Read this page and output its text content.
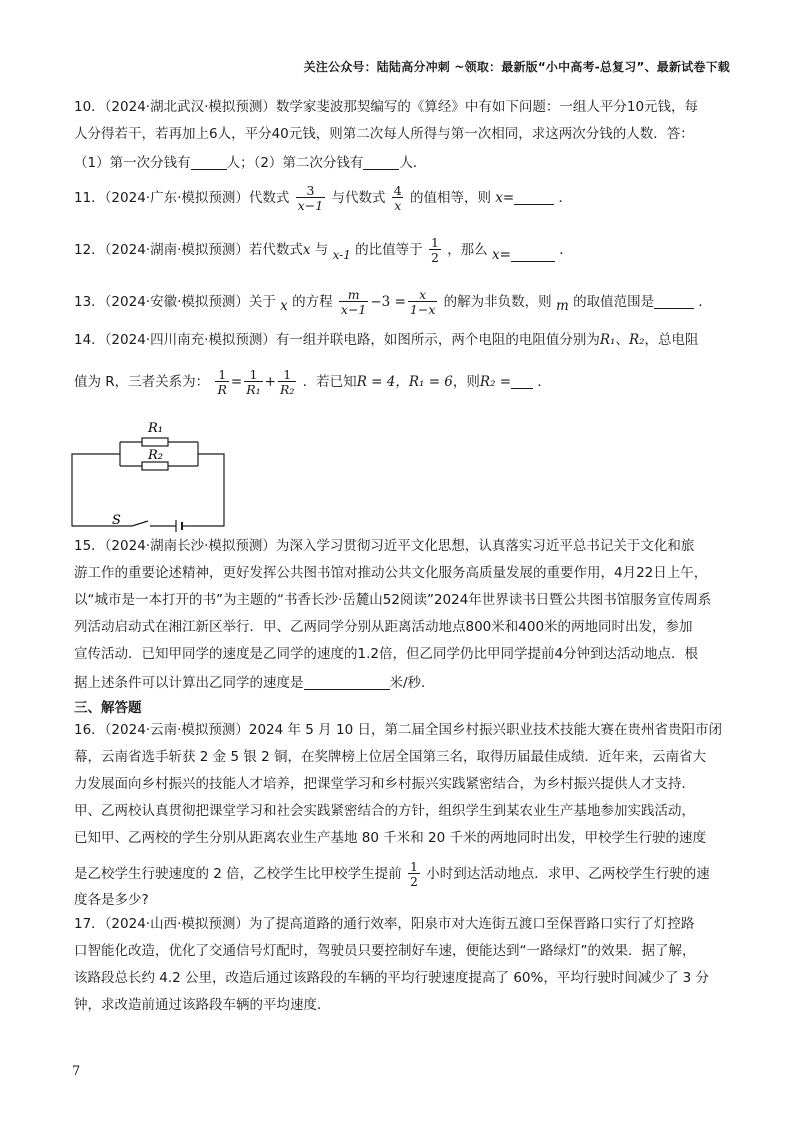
关注公众号：陆陆高分冲刺 ~领取：最新版“小中高考-总复习”、最新试卷下载
10．（2024·湖北武汉·模拟预测）数学家斐波那契编写的《算经》中有如下问题：一组人平分10元钱，每
人分得若干，若再加上6人，平分40元钱，则第二次每人所得与第一次相同，求这两次分钱的人数．答：
（1）第一次分钱有	人；（2）第二次分钱有	人．
11．（2024·广东·模拟预测）代数式 $\frac{3}{x-1}$ 与代数式 $\frac{4}{x}$ 的值相等，则 x=	．
12．（2024·湖南·模拟预测）若代数式x 与 x-1 的比值等于 $\frac{1}{2}$ ，那么 x=	．
13．（2024·安徽·模拟预测）关于 x 的方程 $\frac{m}{x-1} -3 = \frac{x}{1-x}$ 的解为非负数，则 m 的取值范围是	．
14．（2024·四川南充·模拟预测）有一组并联电路，如图所示，两个电阻的电阻值分别为R₁、R₂，总电阻
值为 R，三者关系为： $\frac{1}{R} = \frac{1}{\text{R₁}} + \frac{1}{\text{R₂}}$ ．若已知R = 4，R₁ = 6，则R₂ = ．
R₁
R₂
S
15．（2024·湖南长沙·模拟预测）为深入学习贯彻习近平文化思想，认真落实习近平总书记关于文化和旅
游工作的重要论述精神，更好发挥公共图书馆对推动公共文化服务高质量发展的重要作用，4月22日上午，
以“城市是一本打开的书”为主题的“书香长沙·岳麓山52阅读”2024年世界读书日暨公共图书馆服务宣传周系
列活动启动式在湘江新区举行．甲、乙两同学分别从距离活动地点800米和400米的两地同时出发，参加
宣传活动．已知甲同学的速度是乙同学的速度的1.2倍，但乙同学仍比甲同学提前4分钟到达活动地点．根
据上述条件可以计算出乙同学的速度是	米/秒．
三、解答题
16．（2024·云南·模拟预测）2024 年 5 月 10 日，第二届全国乡村振兴职业技术技能大赛在贵州省贵阳市闭
幕，云南省选手斩获 2 金 5 银 2 铜，在奖牌榜上位居全国第三名，取得历届最佳成绩．近年来，云南省大
力发展面向乡村振兴的技能人才培养，把课堂学习和乡村振兴实践紧密结合，为乡村振兴提供人才支持．
甲、乙两校认真贯彻把课堂学习和社会实践紧密结合的方针，组织学生到某农业生产基地参加实践活动，
已知甲、乙两校的学生分别从距离农业生产基地 80 千米和 20 千米的两地同时出发，甲校学生行驶的速度
是乙校学生行驶速度的 2 倍，乙校学生比甲校学生提前 $\frac{1}{2}$ 小时到达活动地点．求甲、乙两校学生行驶的速
度各是多少?
17．（2024·山西·模拟预测）为了提高道路的通行效率，阳泉市对大连街五渡口至保晋路口实行了灯控路
口智能化改造，优化了交通信号灯配时，驾驶员只要控制好车速，便能达到“一路绿灯”的效果．据了解，
该路段总长约 4.2 公里，改造后通过该路段的车辆的平均行驶速度提高了 60%，平均行驶时间减少了 3 分
钟，求改造前通过该路段车辆的平均速度．
7
